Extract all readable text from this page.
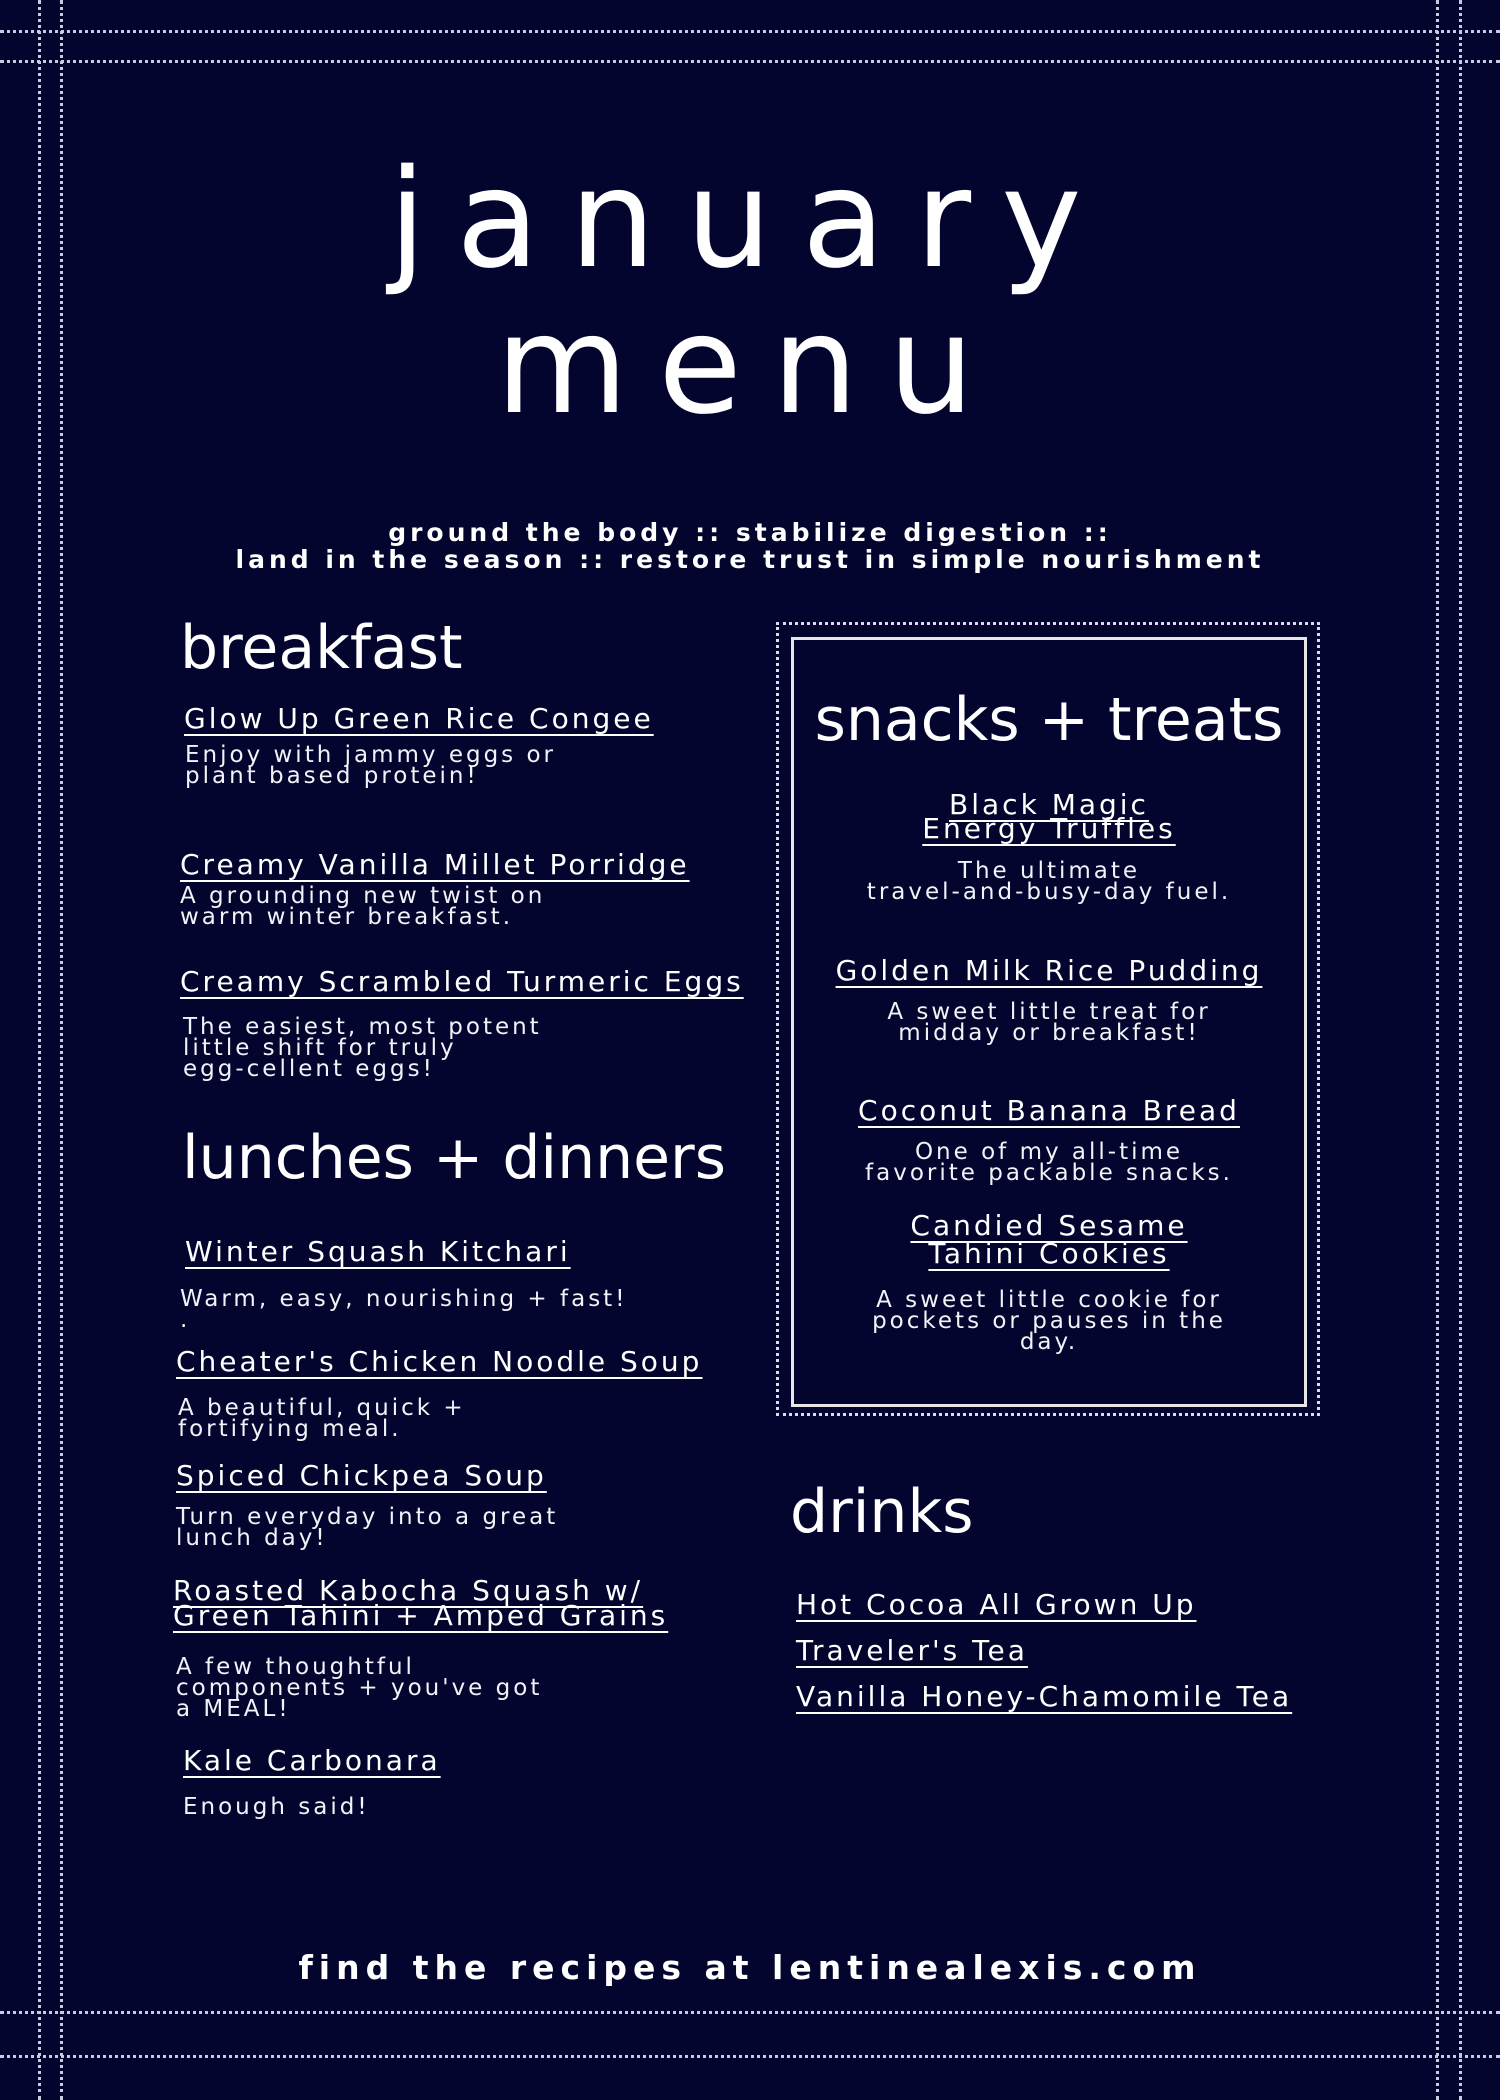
january
menu
ground the body :: stabilize digestion ::
land in the season :: restore trust in simple nourishment
breakfast
Glow Up Green Rice Congee
Enjoy with jammy eggs or
plant based protein!
Creamy Vanilla Millet Porridge
A grounding new twist on
warm winter breakfast.
Creamy Scrambled Turmeric Eggs
The easiest, most potent
little shift for truly
egg-cellent eggs!
lunches + dinners
Winter Squash Kitchari
Warm, easy, nourishing + fast!
.
Cheater's Chicken Noodle Soup
A beautiful, quick +
fortifying meal.
Spiced Chickpea Soup
Turn everyday into a great
lunch day!
Roasted Kabocha Squash w/
Green Tahini + Amped Grains
A few thoughtful
components + you've got
a MEAL!
Kale Carbonara
Enough said!
snacks + treats
Black Magic
Energy Truffles
The ultimate
travel-and-busy-day fuel.
Golden Milk Rice Pudding
A sweet little treat for
midday or breakfast!
Coconut Banana Bread
One of my all-time
favorite packable snacks.
Candied Sesame
Tahini Cookies
A sweet little cookie for
pockets or pauses in the
day.
drinks
Hot Cocoa All Grown Up
Traveler's Tea
Vanilla Honey-Chamomile Tea
find the recipes at lentinealexis.com
